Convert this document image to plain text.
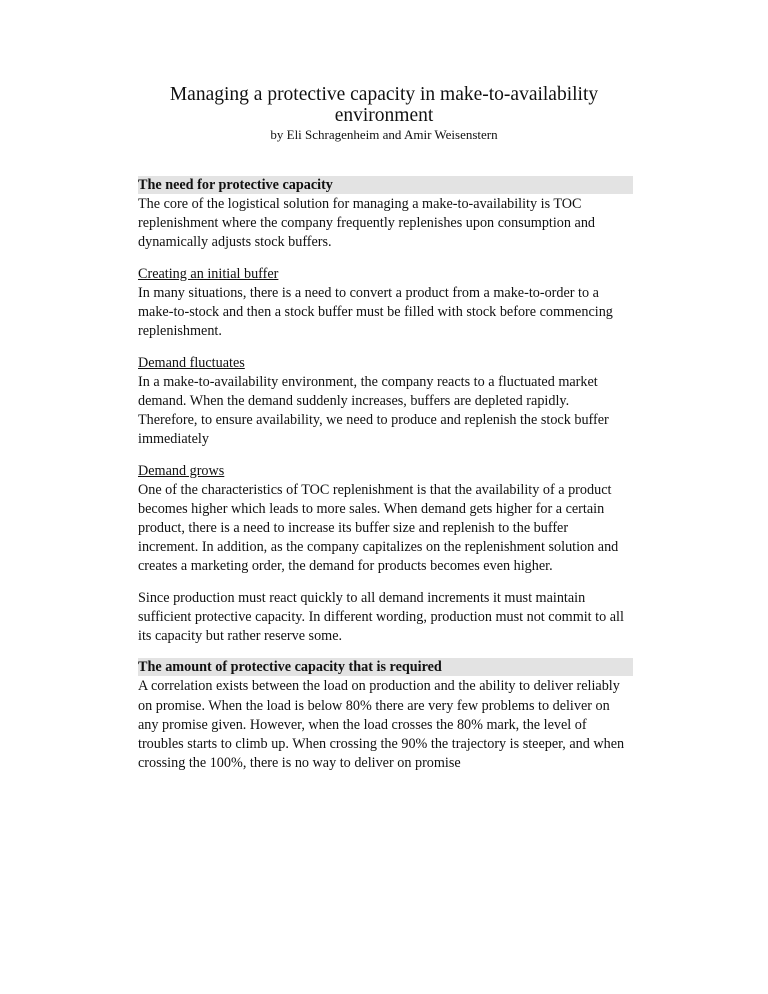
Managing a protective capacity in make-to-availability
environment
by Eli Schragenheim and Amir Weisenstern
The need for protective capacity
The core of the logistical solution for managing a make-to-availability is TOC
replenishment where the company frequently replenishes upon consumption and
dynamically adjusts stock buffers.
Creating an initial buffer
In many situations, there is a need to convert a product from a make-to-order to a
make-to-stock and then a stock buffer must be filled with stock before commencing
replenishment.
Demand fluctuates
In a make-to-availability environment, the company reacts to a fluctuated market
demand. When the demand suddenly increases, buffers are depleted rapidly.
Therefore, to ensure availability, we need to produce and replenish the stock buffer
immediately
Demand grows
One of the characteristics of TOC replenishment is that the availability of a product
becomes higher which leads to more sales. When demand gets higher for a certain
product, there is a need to increase its buffer size and replenish to the buffer
increment. In addition, as the company capitalizes on the replenishment solution and
creates a marketing order, the demand for products becomes even higher.
Since production must react quickly to all demand increments it must maintain
sufficient protective capacity. In different wording, production must not commit to all
its capacity but rather reserve some.
The amount of protective capacity that is required
A correlation exists between the load on production and the ability to deliver reliably
on promise. When the load is below 80% there are very few problems to deliver on
any promise given. However, when the load crosses the 80% mark, the level of
troubles starts to climb up. When crossing the 90% the trajectory is steeper, and when
crossing the 100%, there is no way to deliver on promise
